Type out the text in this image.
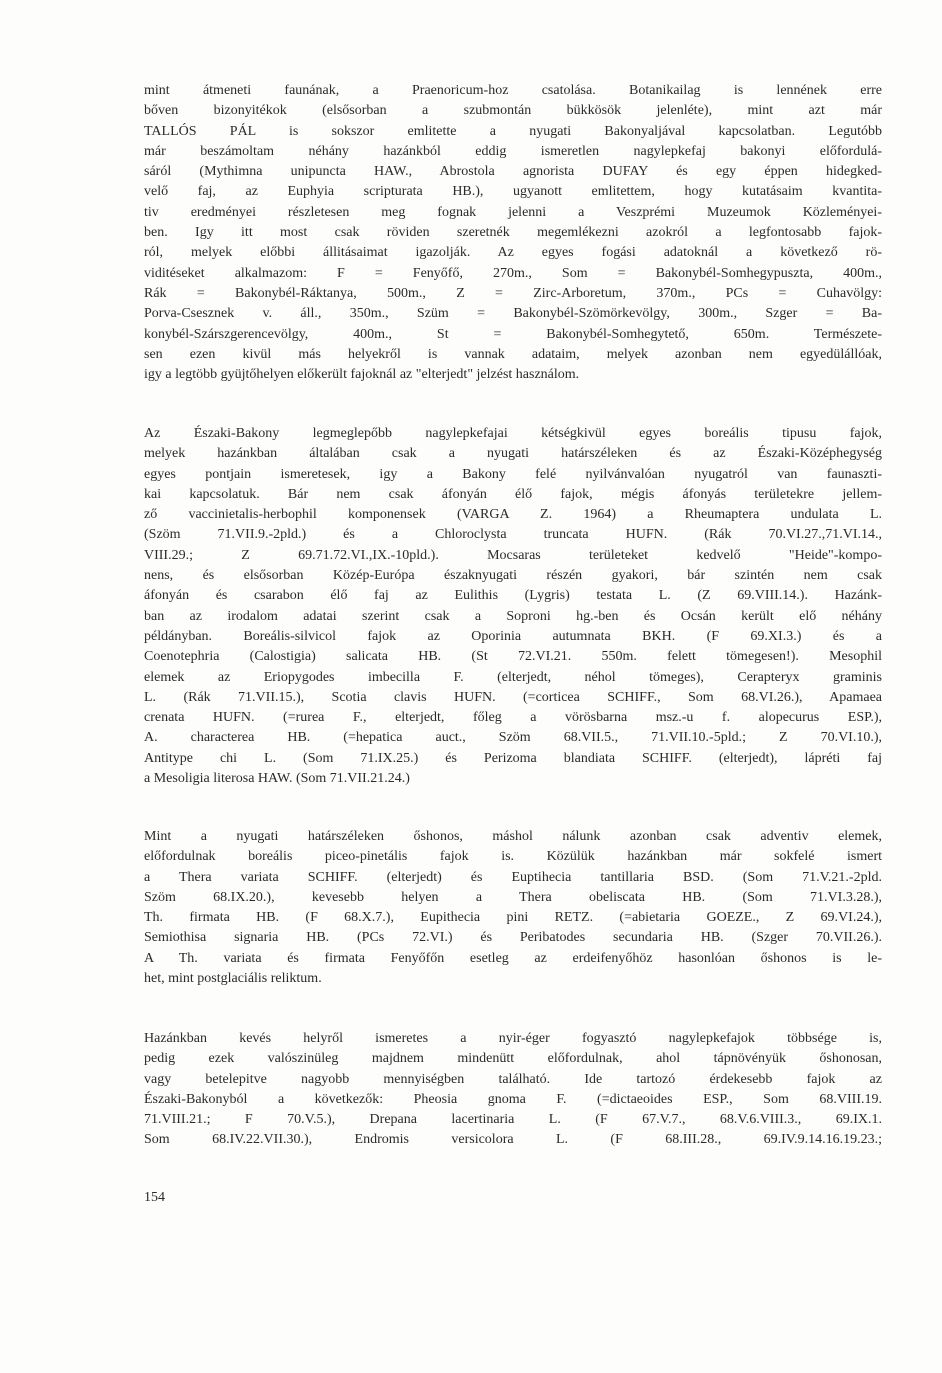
mint átmeneti faunának, a Praenoricum-hoz csatolása. Botanikailag is lennének erre
bőven bizonyitékok (elsősorban a szubmontán bükkösök jelenléte), mint azt már
TALLÓS PÁL is sokszor emlitette a nyugati Bakonyaljával kapcsolatban. Legutóbb
már beszámoltam néhány hazánkból eddig ismeretlen nagylepkefaj bakonyi előfordulá-
sáról (Mythimna unipuncta HAW., Abrostola agnorista DUFAY és egy éppen hidegked-
velő faj, az Euphyia scripturata HB.), ugyanott emlitettem, hogy kutatásaim kvantita-
tiv eredményei részletesen meg fognak jelenni a Veszprémi Muzeumok Közleményei-
ben. Igy itt most csak röviden szeretnék megemlékezni azokról a legfontosabb fajok-
ról, melyek előbbi állitásaimat igazolják. Az egyes fogási adatoknál a következő rö-
viditéseket alkalmazom: F = Fenyőfő, 270m., Som = Bakonybél-Somhegypuszta, 400m.,
Rák = Bakonybél-Ráktanya, 500m., Z = Zirc-Arboretum, 370m., PCs = Cuhavölgy:
Porva-Csesznek v. áll., 350m., Szüm = Bakonybél-Szömörkevölgy, 300m., Szger = Ba-
konybél-Szárszgerencevölgy, 400m., St = Bakonybél-Somhegytető, 650m. Természete-
sen ezen kivül más helyekről is vannak adataim, melyek azonban nem egyedülállóak,
igy a legtöbb gyüjtőhelyen előkerült fajoknál az "elterjedt" jelzést használom.
Az Északi-Bakony legmeglepőbb nagylepkefajai kétségkivül egyes boreális tipusu fajok,
melyek hazánkban általában csak a nyugati határszéleken és az Északi-Középhegység
egyes pontjain ismeretesek, igy a Bakony felé nyilvánvalóan nyugatról van faunaszti-
kai kapcsolatuk. Bár nem csak áfonyán élő fajok, mégis áfonyás területekre jellem-
ző vaccinietalis-herbophil komponensek (VARGA Z. 1964) a Rheumaptera undulata L.
(Szöm 71.VII.9.-2pld.) és a Chloroclysta truncata HUFN. (Rák 70.VI.27.,71.VI.14.,
VIII.29.; Z 69.71.72.VI.,IX.-10pld.). Mocsaras területeket kedvelő "Heide"-kompo-
nens, és elsősorban Közép-Európa északnyugati részén gyakori, bár szintén nem csak
áfonyán és csarabon élő faj az Eulithis (Lygris) testata L. (Z 69.VIII.14.). Hazánk-
ban az irodalom adatai szerint csak a Soproni hg.-ben és Ocsán került elő néhány
példányban. Boreális-silvicol fajok az Oporinia autumnata BKH. (F 69.XI.3.) és a
Coenotephria (Calostigia) salicata HB. (St 72.VI.21. 550m. felett tömegesen!). Mesophil
elemek az Eriopygodes imbecilla F. (elterjedt, néhol tömeges), Cerapteryx graminis
L. (Rák 71.VII.15.), Scotia clavis HUFN. (=corticea SCHIFF., Som 68.VI.26.), Apamaea
crenata HUFN. (=rurea F., elterjedt, főleg a vörösbarna msz.-u f. alopecurus ESP.),
A. characterea HB. (=hepatica auct., Szöm 68.VII.5., 71.VII.10.-5pld.; Z 70.VI.10.),
Antitype chi L. (Som 71.IX.25.) és Perizoma blandiata SCHIFF. (elterjedt), lápréti faj
a Mesoligia literosa HAW. (Som 71.VII.21.24.)
Mint a nyugati határszéleken őshonos, máshol nálunk azonban csak adventiv elemek,
előfordulnak boreális piceo-pinetális fajok is. Közülük hazánkban már sokfelé ismert
a Thera variata SCHIFF. (elterjedt) és Euptihecia tantillaria BSD. (Som 71.V.21.-2pld.
Szöm 68.IX.20.), kevesebb helyen a Thera obeliscata HB. (Som 71.VI.3.28.),
Th. firmata HB. (F 68.X.7.), Eupithecia pini RETZ. (=abietaria GOEZE., Z 69.VI.24.),
Semiothisa signaria HB. (PCs 72.VI.) és Peribatodes secundaria HB. (Szger 70.VII.26.).
A Th. variata és firmata Fenyőfőn esetleg az erdeifenyőhöz hasonlóan őshonos is le-
het, mint postglaciális reliktum.
Hazánkban kevés helyről ismeretes a nyir-éger fogyasztó nagylepkefajok többsége is,
pedig ezek valószinüleg majdnem mindenütt előfordulnak, ahol tápnövényük őshonosan,
vagy betelepitve nagyobb mennyiségben található. Ide tartozó érdekesebb fajok az
Északi-Bakonyból a következők: Pheosia gnoma F. (=dictaeoides ESP., Som 68.VIII.19.
71.VIII.21.; F 70.V.5.), Drepana lacertinaria L. (F 67.V.7., 68.V.6.VIII.3., 69.IX.1.
Som 68.IV.22.VII.30.), Endromis versicolora L. (F 68.III.28., 69.IV.9.14.16.19.23.;
154
